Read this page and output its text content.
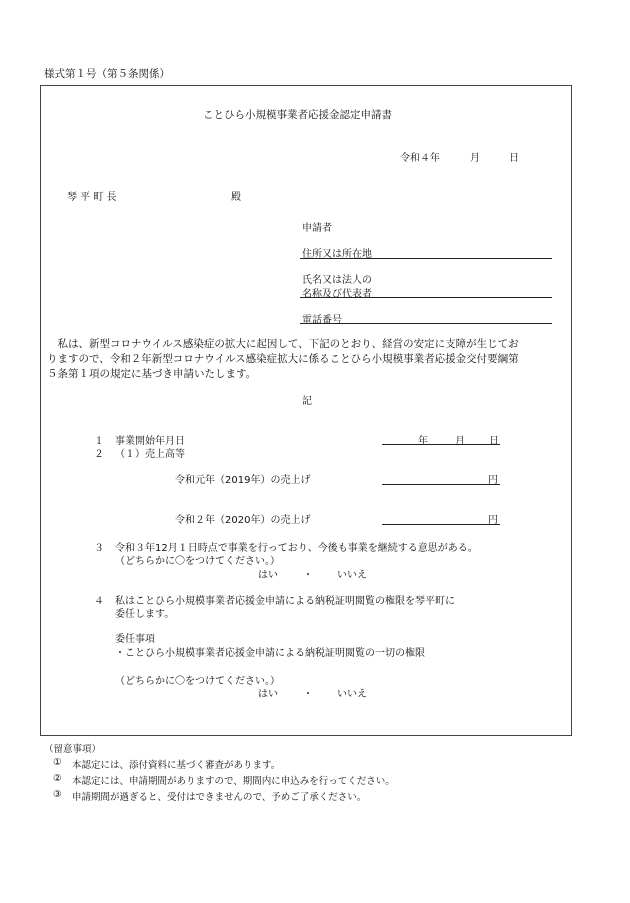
様式第１号（第５条関係）
ことひら小規模事業者応援金認定申請書
令和４年	月	日
琴 平 町 長	殿
申請者
住所又は所在地
氏名又は法人の
名称及び代表者
電話番号
　私は、新型コロナウイルス感染症の拡大に起因して、下記のとおり、経営の安定に支障が生じてお
りますので、令和２年新型コロナウイルス感染症拡大に係ることひら小規模事業者応援金交付要綱第
５条第１項の規定に基づき申請いたします。
記
１ 事業開始年月日	年	月 日
２ （１）売上高等
令和元年（2019年）の売上げ	円
令和２年（2020年）の売上げ	円
３ 令和３年12月１日時点で事業を行っており、今後も事業を継続する意思がある。
（どちらかに〇をつけてください。）
はい	・ いいえ
４ 私はことひら小規模事業者応援金申請による納税証明閲覧の権限を琴平町に
委任します。
委任事項
・ことひら小規模事業者応援金申請による納税証明閲覧の一切の権限
（どちらかに〇をつけてください。）
はい	・ いいえ
（留意事項）
① 本認定には、添付資料に基づく審査があります。
② 本認定には、申請期間がありますので、期間内に申込みを行ってください。
③ 申請期間が過ぎると、受付はできませんので、予めご了承ください。
